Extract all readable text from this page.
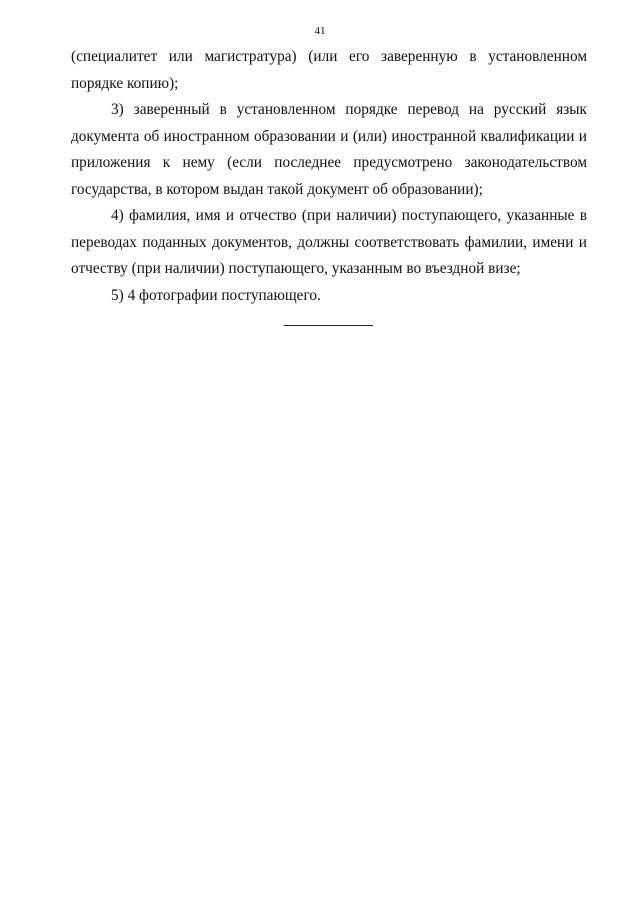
41

(специалитет или магистратура) (или его заверенную в установленном порядке копию);

3) заверенный в установленном порядке перевод на русский язык документа об иностранном образовании и (или) иностранной квалификации и приложения к нему (если последнее предусмотрено законодательством государства, в котором выдан такой документ об образовании);

4) фамилия, имя и отчество (при наличии) поступающего, указанные в переводах поданных документов, должны соответствовать фамилии, имени и отчеству (при наличии) поступающего, указанным во въездной визе;

5) 4 фотографии поступающего.
